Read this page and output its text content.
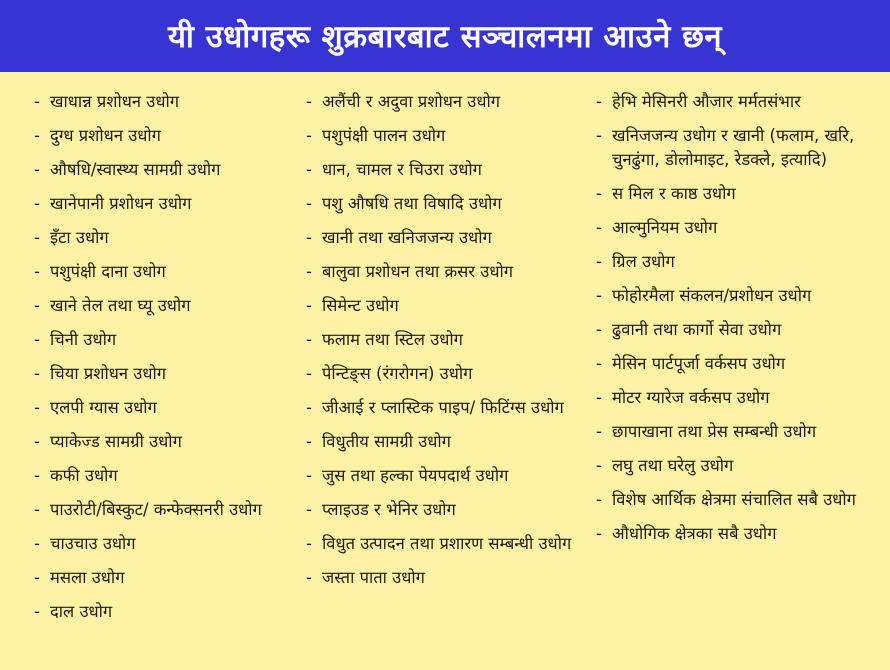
यी उधोगहरू शुक्रबारबाट सञ्चालनमा आउने छन्
- खाधान्न प्रशोधन उधोग
- दुग्ध प्रशोधन उधोग
- औषधि/स्वास्थ्य सामग्री उधोग
- खानेपानी प्रशोधन उधोग
- इँटा उधोग
- पशुपंक्षी दाना उधोग
- खाने तेल तथा घ्यू उधोग
- चिनी उधोग
- चिया प्रशोधन उधोग
- एलपी ग्यास उधोग
- प्याकेज्ड सामग्री उधोग
- कफी उधोग
- पाउरोटी/बिस्कुट/ कन्फेक्सनरी उधोग
- चाउचाउ उधोग
- मसला उधोग
- दाल उधोग
- अलैंची र अदुवा प्रशोधन उधोग
- पशुपंक्षी पालन उधोग
- धान, चामल र चिउरा उधोग
- पशु औषधि तथा विषादि उधोग
- खानी तथा खनिजजन्य उधोग
- बालुवा प्रशोधन तथा क्रसर उधोग
- सिमेन्ट उधोग
- फलाम तथा स्टिल उधोग
- पेन्टिङ्स (रंगरोगन) उधोग
- जीआई र प्लास्टिक पाइप/ फिटिंग्स उधोग
- विधुतीय सामग्री उधोग
- जुस तथा हल्का पेयपदार्थ उधोग
- प्लाइउड र भेनिर उधोग
- विधुत उत्पादन तथा प्रशारण सम्बन्धी उधोग
- जस्ता पाता उधोग
- हेभि मेसिनरी औजार मर्मतसंभार
- खनिजजन्य उधोग र खानी (फलाम, खरि, चुनढुंगा, डोलोमाइट, रेडक्ले, इत्यादि)
- स मिल र काष्ठ उधोग
- आल्मुनियम उधोग
- ग्रिल उधोग
- फोहोरमैला संकलन/प्रशोधन उधोग
- ढुवानी तथा कार्गो सेवा उधोग
- मेसिन पार्टपूर्जा वर्कसप उधोग
- मोटर ग्यारेज वर्कसप उधोग
- छापाखाना तथा प्रेस सम्बन्धी उधोग
- लघु तथा घरेलु उधोग
- विशेष आर्थिक क्षेत्रमा संचालित सबै उधोग
- औधोगिक क्षेत्रका सबै उधोग
